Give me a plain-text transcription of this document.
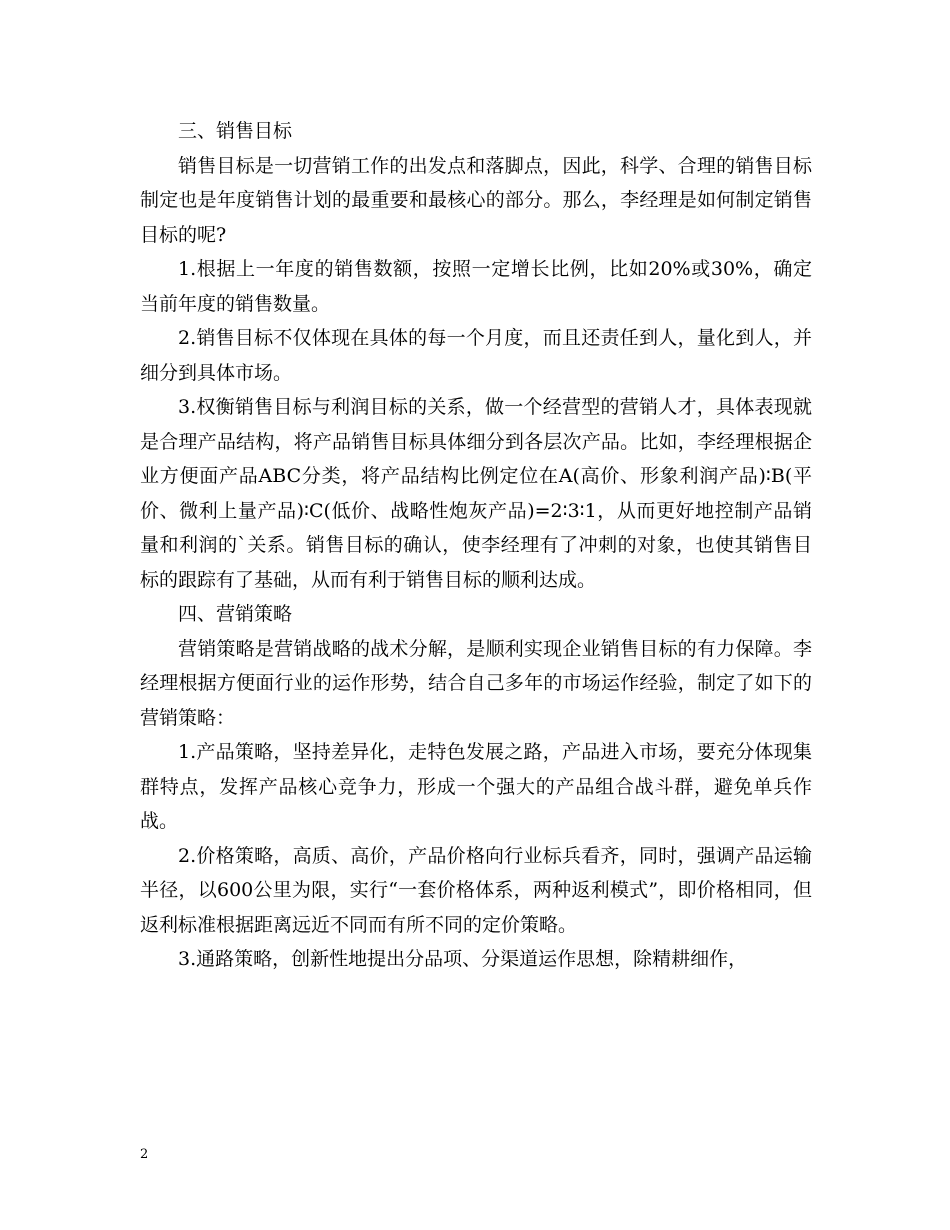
三、销售目标

销售目标是一切营销工作的出发点和落脚点，因此，科学、合理的销售目标制定也是年度销售计划的最重要和最核心的部分。那么，李经理是如何制定销售目标的呢?

1.根据上一年度的销售数额，按照一定增长比例，比如20%或30%，确定当前年度的销售数量。

2.销售目标不仅体现在具体的每一个月度，而且还责任到人，量化到人，并细分到具体市场。

3.权衡销售目标与利润目标的关系，做一个经营型的营销人才，具体表现就是合理产品结构，将产品销售目标具体细分到各层次产品。比如，李经理根据企业方便面产品ABC分类，将产品结构比例定位在A(高价、形象利润产品)∶B(平价、微利上量产品)∶C(低价、战略性炮灰产品)=2∶3∶1，从而更好地控制产品销量和利润的`关系。销售目标的确认，使李经理有了冲刺的对象，也使其销售目标的跟踪有了基础，从而有利于销售目标的顺利达成。

四、营销策略

营销策略是营销战略的战术分解，是顺利实现企业销售目标的有力保障。李经理根据方便面行业的运作形势，结合自己多年的市场运作经验，制定了如下的营销策略：

1.产品策略，坚持差异化，走特色发展之路，产品进入市场，要充分体现集群特点，发挥产品核心竞争力，形成一个强大的产品组合战斗群，避免单兵作战。

2.价格策略，高质、高价，产品价格向行业标兵看齐，同时，强调产品运输半径，以600公里为限，实行“一套价格体系，两种返利模式”，即价格相同，但返利标准根据距离远近不同而有所不同的定价策略。

3.通路策略，创新性地提出分品项、分渠道运作思想，除精耕细作，

2
